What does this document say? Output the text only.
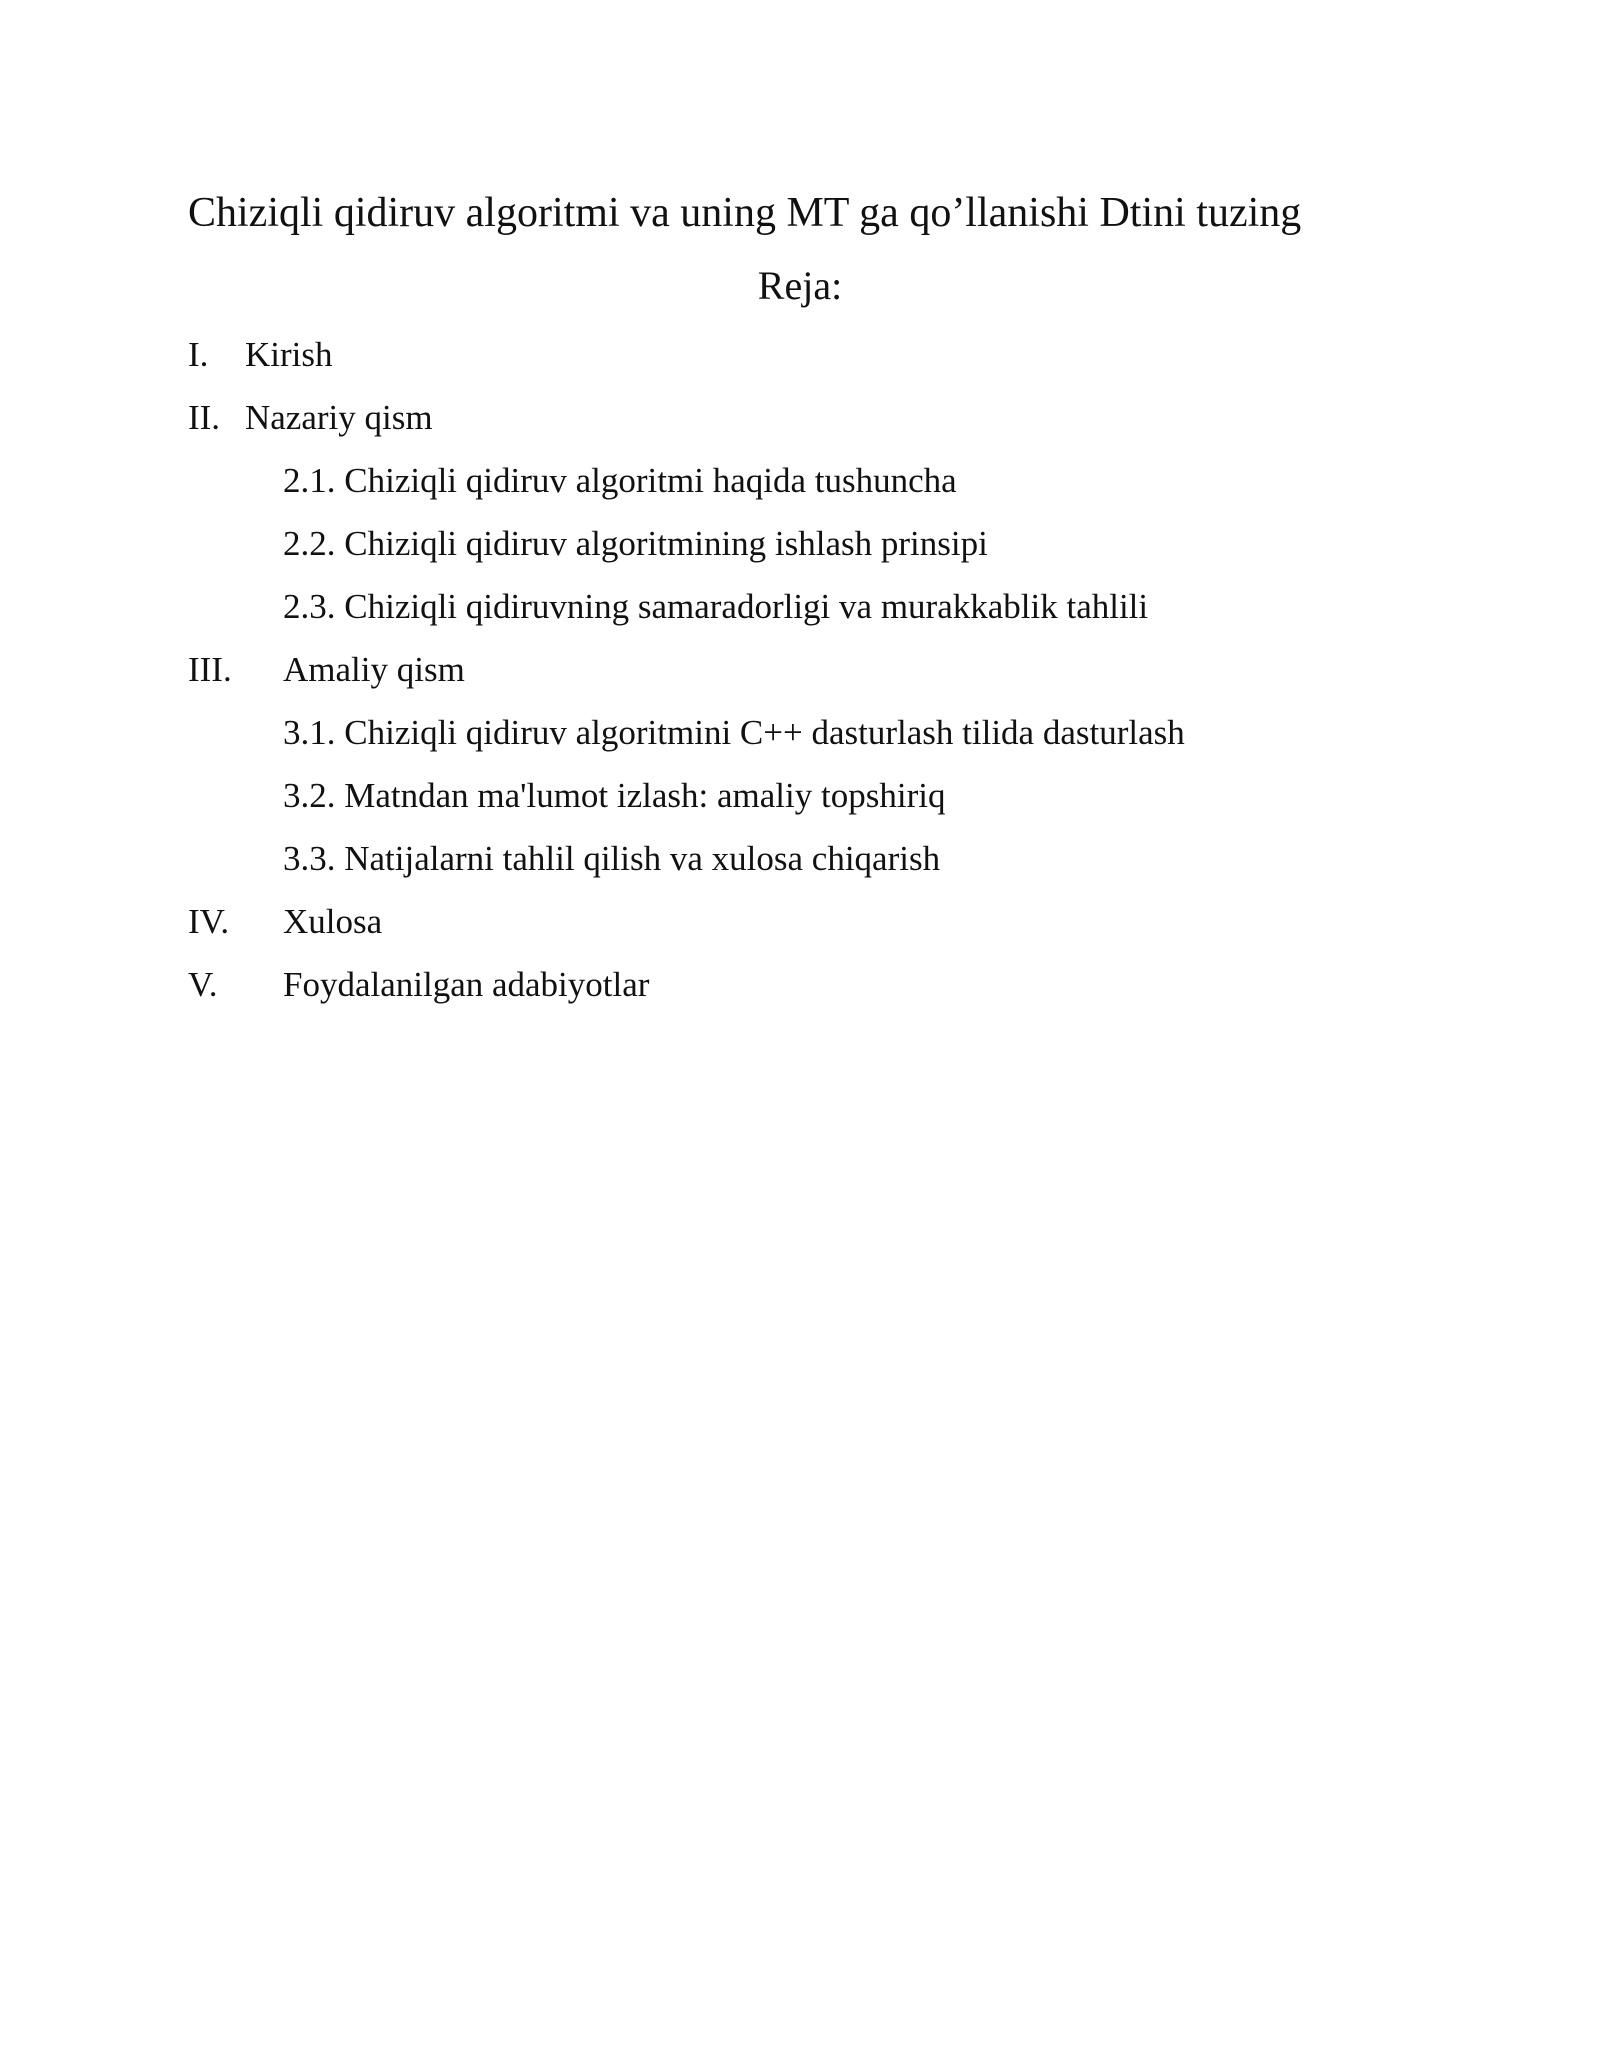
Chiziqli qidiruv algoritmi va uning MT ga qo’llanishi Dtini tuzing
Reja:
I. Kirish
II. Nazariy qism
2.1. Chiziqli qidiruv algoritmi haqida tushuncha
2.2. Chiziqli qidiruv algoritmining ishlash prinsipi
2.3. Chiziqli qidiruvning samaradorligi va murakkablik tahlili
III. Amaliy qism
3.1. Chiziqli qidiruv algoritmini C++ dasturlash tilida dasturlash
3.2. Matndan ma'lumot izlash: amaliy topshiriq
3.3. Natijalarni tahlil qilish va xulosa chiqarish
IV. Xulosa
V. Foydalanilgan adabiyotlar
